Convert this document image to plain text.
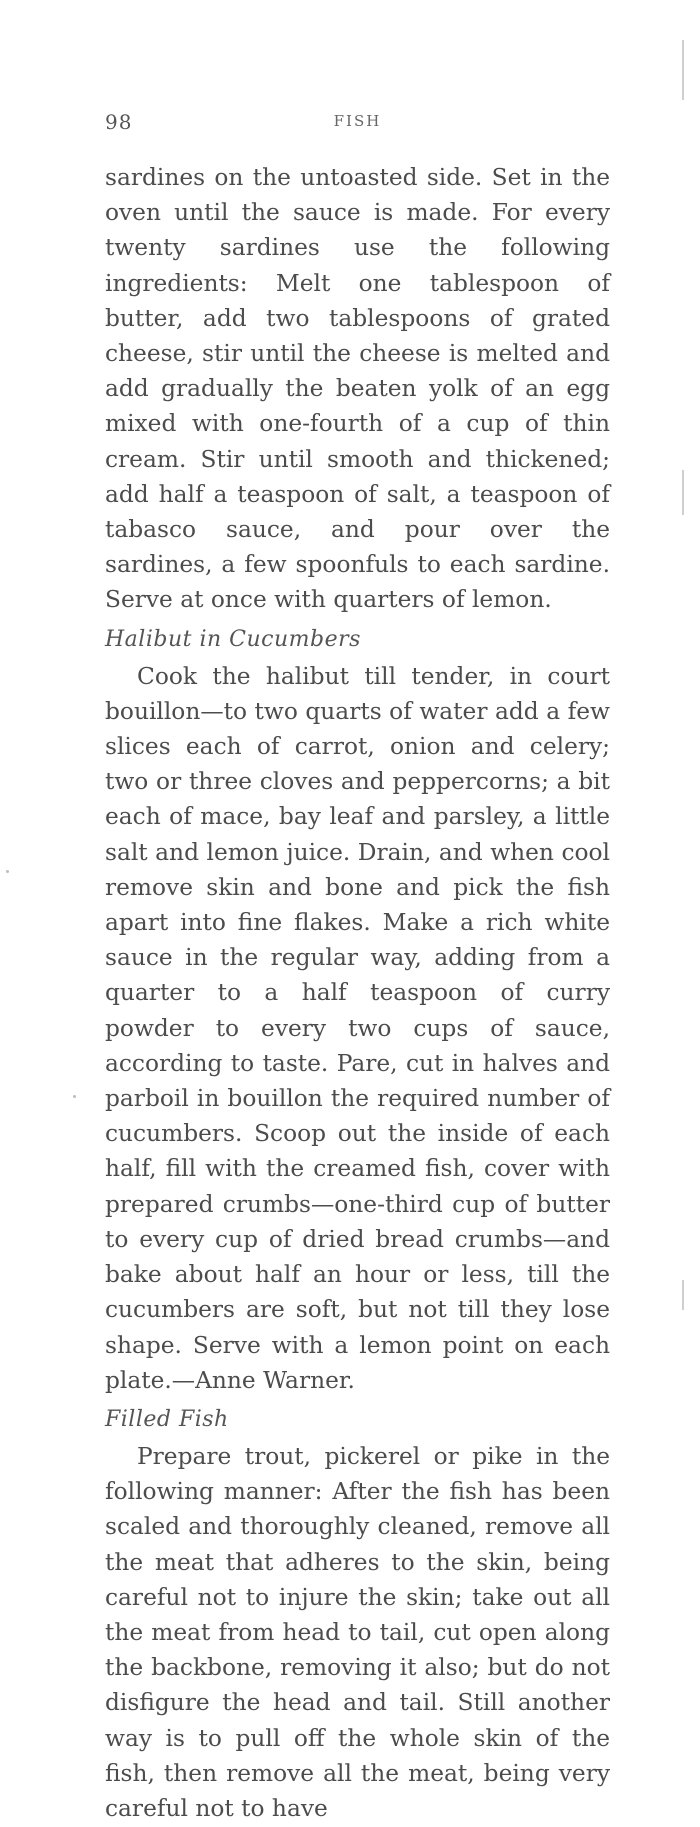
98	FISH

sardines on the untoasted side. Set in the oven until the sauce is made. For every twenty sardines use the following ingredients: Melt one tablespoon of butter, add two tablespoons of grated cheese, stir until the cheese is melted and add gradually the beaten yolk of an egg mixed with one-fourth of a cup of thin cream. Stir until smooth and thickened; add half a teaspoon of salt, a teaspoon of tabasco sauce, and pour over the sardines, a few spoonfuls to each sardine. Serve at once with quarters of lemon.

Halibut in Cucumbers

Cook the halibut till tender, in court bouillon—to two quarts of water add a few slices each of carrot, onion and celery; two or three cloves and peppercorns; a bit each of mace, bay leaf and parsley, a little salt and lemon juice. Drain, and when cool remove skin and bone and pick the fish apart into fine flakes. Make a rich white sauce in the regular way, adding from a quarter to a half teaspoon of curry powder to every two cups of sauce, according to taste. Pare, cut in halves and parboil in bouillon the required number of cucumbers. Scoop out the inside of each half, fill with the creamed fish, cover with prepared crumbs—one-third cup of butter to every cup of dried bread crumbs—and bake about half an hour or less, till the cucumbers are soft, but not till they lose shape. Serve with a lemon point on each plate.—Anne Warner.

Filled Fish

Prepare trout, pickerel or pike in the following manner: After the fish has been scaled and thoroughly cleaned, remove all the meat that adheres to the skin, being careful not to injure the skin; take out all the meat from head to tail, cut open along the backbone, removing it also; but do not disfigure the head and tail. Still another way is to pull off the whole skin of the fish, then remove all the meat, being very careful not to have
